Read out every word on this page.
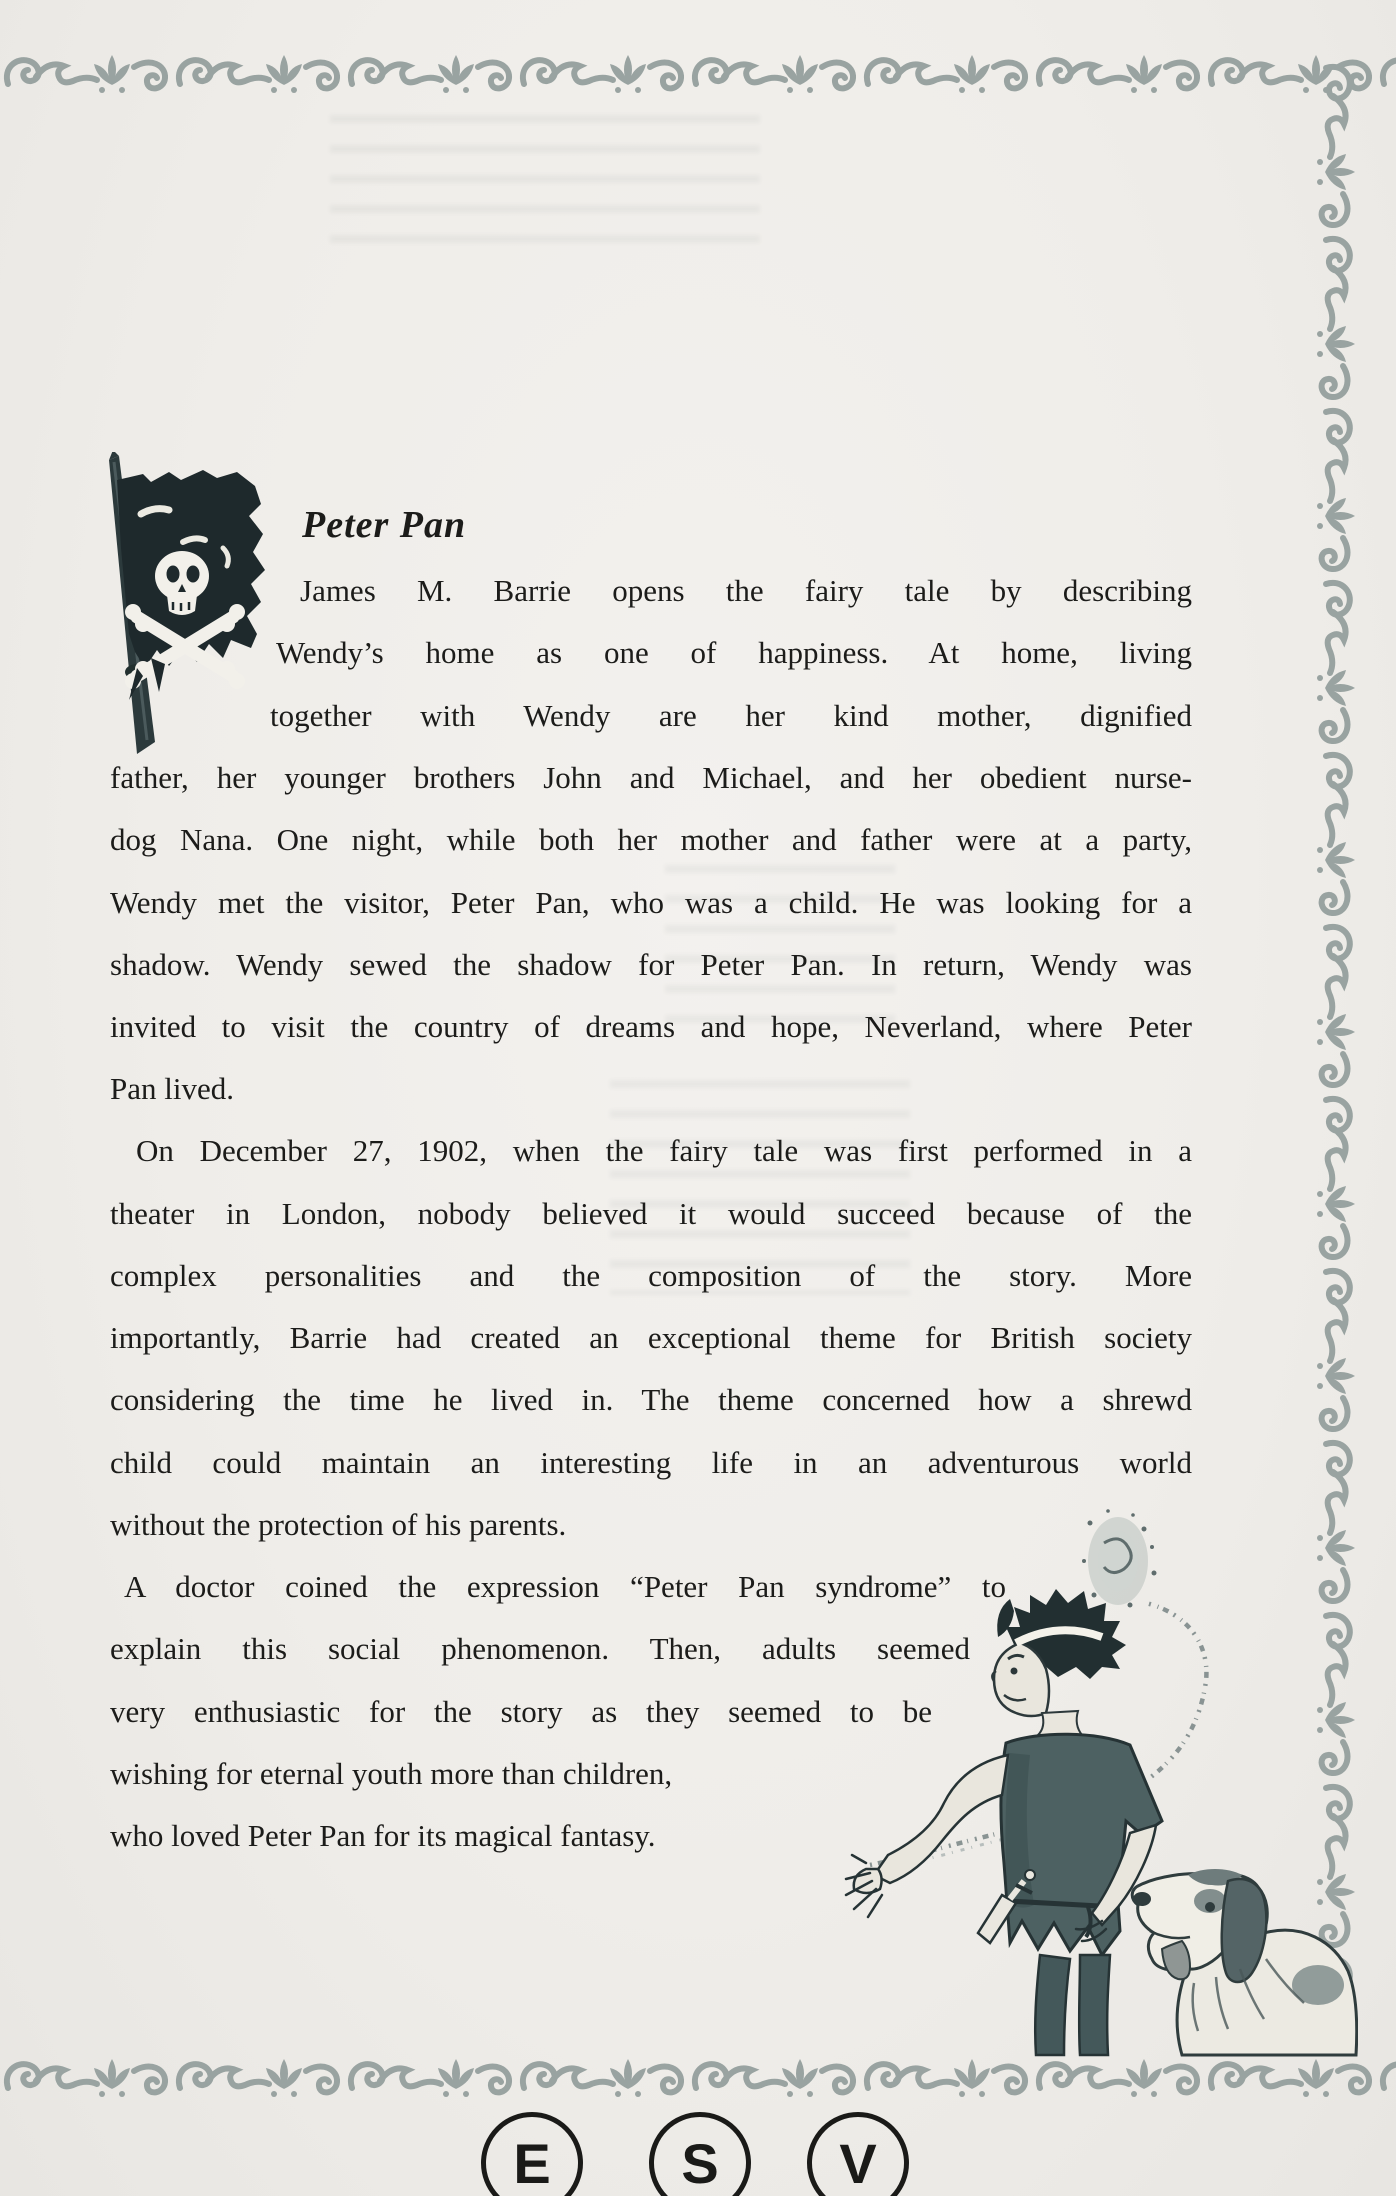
Peter Pan
James M. Barrie opens the fairy tale by describing
Wendy’s home as one of happiness. At home, living
together with Wendy are her kind mother, dignified
father, her younger brothers John and Michael, and her obedient nurse-
dog Nana. One night, while both her mother and father were at a party,
Wendy met the visitor, Peter Pan, who was a child. He was looking for a
shadow. Wendy sewed the shadow for Peter Pan. In return, Wendy was
invited to visit the country of dreams and hope, Neverland, where Peter
Pan lived.
On December 27, 1902, when the fairy tale was first performed in a
theater in London, nobody believed it would succeed because of the
complex personalities and the composition of the story. More
importantly, Barrie had created an exceptional theme for British society
considering the time he lived in. The theme concerned how a shrewd
child could maintain an interesting life in an adventurous world
without the protection of his parents.
A doctor coined the expression “Peter Pan syndrome” to
explain this social phenomenon. Then, adults seemed
very enthusiastic for the story as they seemed to be
wishing for eternal youth more than children,
who loved Peter Pan for its magical fantasy.
E S V
